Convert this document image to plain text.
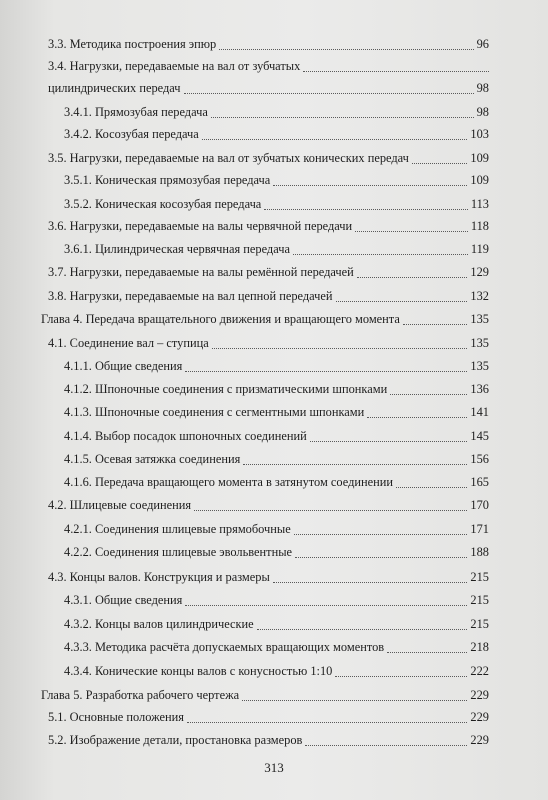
3.3. Методика построения эпюр	96
3.4. Нагрузки, передаваемые на вал от зубчатых
цилиндрических передач	98
3.4.1. Прямозубая передача	98
3.4.2. Косозубая передача	103
3.5. Нагрузки, передаваемые на вал от зубчатых конических передач	109
3.5.1. Коническая прямозубая передача	109
3.5.2. Коническая косозубая передача	113
3.6. Нагрузки, передаваемые на валы червячной передачи	118
3.6.1. Цилиндрическая червячная передача	119
3.7. Нагрузки, передаваемые на валы ремённой передачей	129
3.8. Нагрузки, передаваемые на вал цепной передачей	132
Глава 4. Передача вращательного движения и вращающего момента	135
4.1. Соединение вал – ступица	135
4.1.1. Общие сведения	135
4.1.2. Шпоночные соединения с призматическими шпонками	136
4.1.3. Шпоночные соединения с сегментными шпонками	141
4.1.4. Выбор посадок шпоночных соединений	145
4.1.5. Осевая затяжка соединения	156
4.1.6. Передача вращающего момента в затянутом соединении	165
4.2. Шлицевые соединения	170
4.2.1. Соединения шлицевые прямобочные	171
4.2.2. Соединения шлицевые эвольвентные	188
4.3. Концы валов. Конструкция и размеры	215
4.3.1. Общие сведения	215
4.3.2. Концы валов цилиндрические	215
4.3.3. Методика расчёта допускаемых вращающих моментов	218
4.3.4. Конические концы валов с конусностью 1:10	222
Глава 5. Разработка рабочего чертежа	229
5.1. Основные положения	229
5.2. Изображение детали, простановка размеров	229
313
